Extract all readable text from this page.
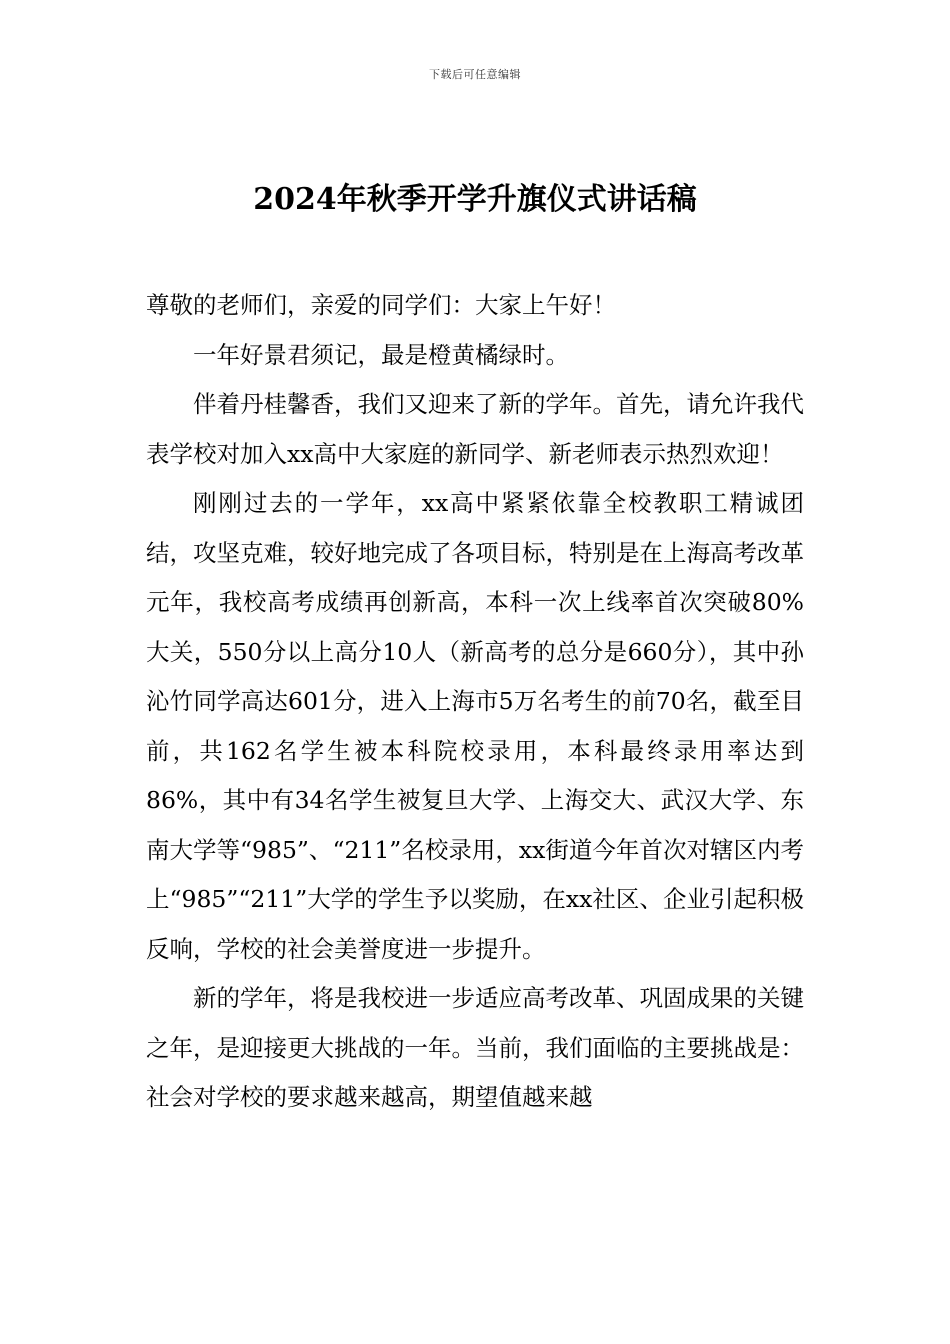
下载后可任意编辑
2024年秋季开学升旗仪式讲话稿

尊敬的老师们，亲爱的同学们：大家上午好！

一年好景君须记，最是橙黄橘绿时。

伴着丹桂馨香，我们又迎来了新的学年。首先，请允许我代表学校对加入xx高中大家庭的新同学、新老师表示热烈欢迎！

刚刚过去的一学年，xx高中紧紧依靠全校教职工精诚团结，攻坚克难，较好地完成了各项目标，特别是在上海高考改革元年，我校高考成绩再创新高，本科一次上线率首次突破80%大关，550分以上高分10人（新高考的总分是660分），其中孙沁竹同学高达601分，进入上海市5万名考生的前70名，截至目前，共162名学生被本科院校录用，本科最终录用率达到86%，其中有34名学生被复旦大学、上海交大、武汉大学、东南大学等“985”、“211”名校录用，xx街道今年首次对辖区内考上“985”“211”大学的学生予以奖励，在xx社区、企业引起积极反响，学校的社会美誉度进一步提升。

新的学年，将是我校进一步适应高考改革、巩固成果的关键之年，是迎接更大挑战的一年。当前，我们面临的主要挑战是：社会对学校的要求越来越高，期望值越来越
